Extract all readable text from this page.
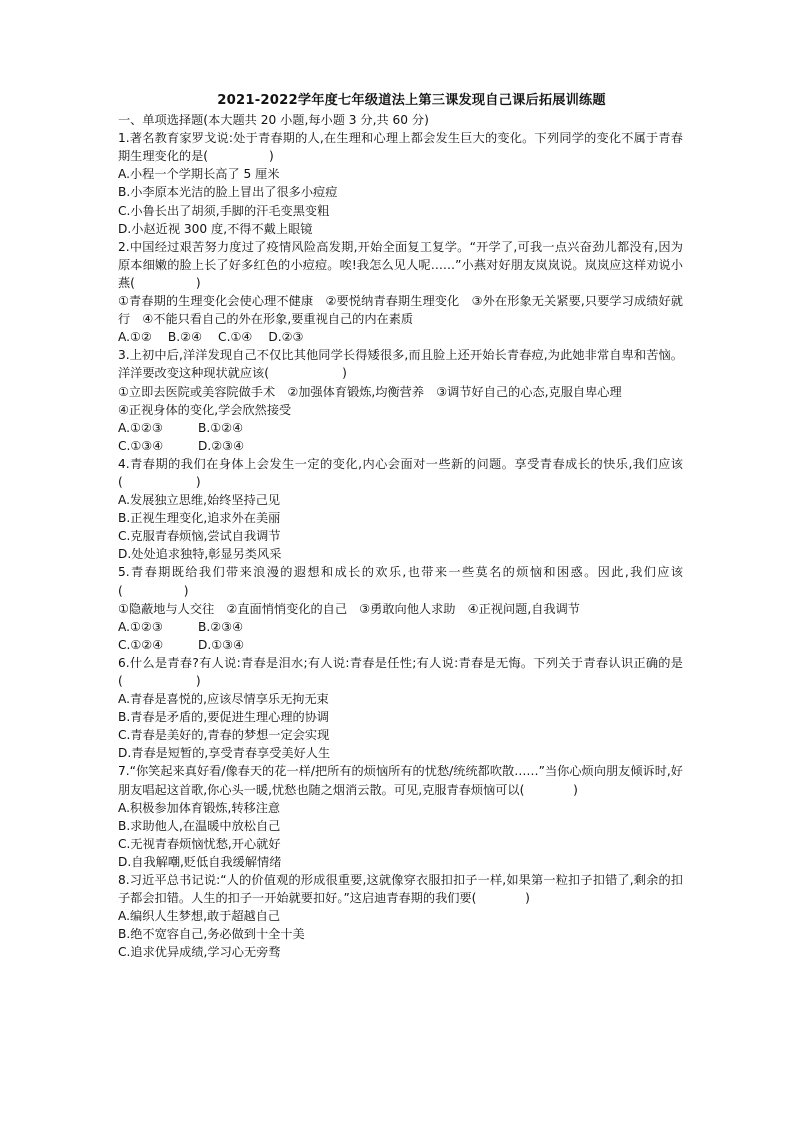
2021-2022学年度七年级道法上第三课发现自己课后拓展训练题
一、单项选择题(本大题共 20 小题,每小题 3 分,共 60 分)
1.著名教育家罗戈说:处于青春期的人,在生理和心理上都会发生巨大的变化。下列同学的变化不属于青春期生理变化的是(　　　　　)
A.小程一个学期长高了 5 厘米
B.小李原本光洁的脸上冒出了很多小痘痘
C.小鲁长出了胡须,手脚的汗毛变黑变粗
D.小赵近视 300 度,不得不戴上眼镜
2.中国经过艰苦努力度过了疫情风险高发期,开始全面复工复学。“开学了,可我一点兴奋劲儿都没有,因为原本细嫩的脸上长了好多红色的小痘痘。唉!我怎么见人呢……”小燕对好朋友岚岚说。岚岚应这样劝说小燕(　　　　　)
①青春期的生理变化会使心理不健康　②要悦纳青春期生理变化　③外在形象无关紧要,只要学习成绩好就行　④不能只看自己的外在形象,要重视自己的内在素质
A.①②　 B.②④　 C.①④　 D.②③
3.上初中后,洋洋发现自己不仅比其他同学长得矮很多,而且脸上还开始长青春痘,为此她非常自卑和苦恼。洋洋要改变这种现状就应该(　　　　　　)
①立即去医院或美容院做手术　②加强体育锻炼,均衡营养　③调节好自己的心态,克服自卑心理
④正视身体的变化,学会欣然接受
A.①②③	B.①②④
C.①③④	D.②③④
4.青春期的我们在身体上会发生一定的变化,内心会面对一些新的问题。享受青春成长的快乐,我们应该(　　　　　　)
A.发展独立思维,始终坚持己见
B.正视生理变化,追求外在美丽
C.克服青春烦恼,尝试自我调节
D.处处追求独特,彰显另类风采
5.青春期既给我们带来浪漫的遐想和成长的欢乐,也带来一些莫名的烦恼和困惑。因此,我们应该(　　　　　)
①隐蔽地与人交往　②直面悄悄变化的自己　③勇敢向他人求助　④正视问题,自我调节
A.①②③	B.②③④
C.①②④	D.①③④
6.什么是青春?有人说:青春是泪水;有人说:青春是任性;有人说:青春是无悔。下列关于青春认识正确的是(　　　　　　)
A.青春是喜悦的,应该尽情享乐无拘无束
B.青春是矛盾的,要促进生理心理的协调
C.青春是美好的,青春的梦想一定会实现
D.青春是短暂的,享受青春享受美好人生
7.“你笑起来真好看/像春天的花一样/把所有的烦恼所有的忧愁/统统都吹散……”当你心烦向朋友倾诉时,好朋友唱起这首歌,你心头一暖,忧愁也随之烟消云散。可见,克服青春烦恼可以(　　　　)
A.积极参加体育锻炼,转移注意
B.求助他人,在温暖中放松自己
C.无视青春烦恼忧愁,开心就好
D.自我解嘲,贬低自我缓解情绪
8.习近平总书记说:“人的价值观的形成很重要,这就像穿衣服扣扣子一样,如果第一粒扣子扣错了,剩余的扣子都会扣错。人生的扣子一开始就要扣好。”这启迪青春期的我们要(　　　　)
A.编织人生梦想,敢于超越自己
B.绝不宽容自己,务必做到十全十美
C.追求优异成绩,学习心无旁骛
